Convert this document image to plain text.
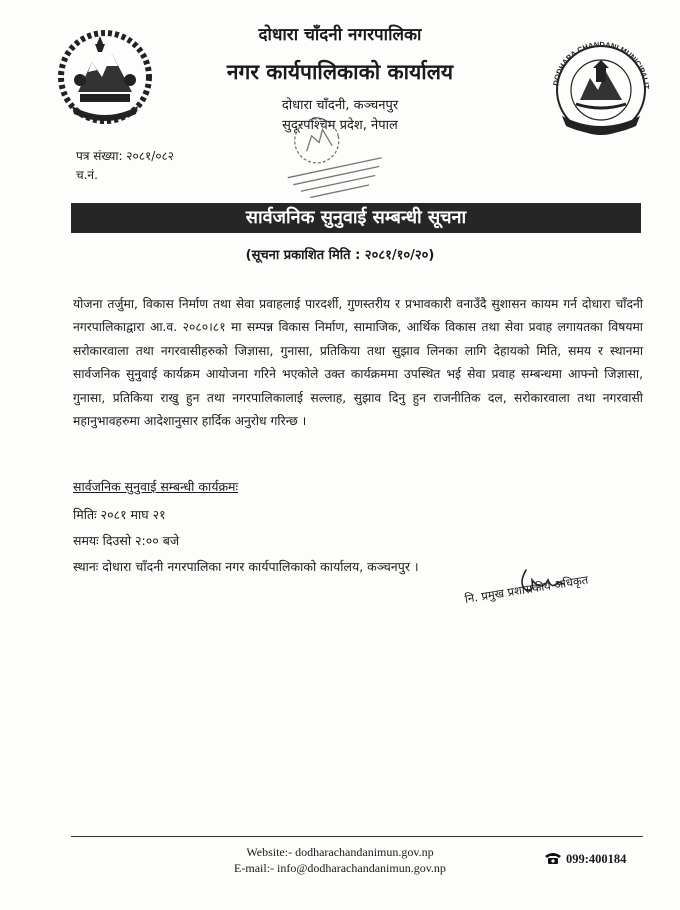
DODHARA CHANDANI MUNICIPALIT
दोधारा चाँदनी नगरपालिका
नगर कार्यपालिकाको कार्यालय
दोधारा चाँदनी, कञ्चनपुर
सुदूरपश्चिम प्रदेश, नेपाल
पत्र संख्या: २०८१/०८२
च.नं.
सार्वजनिक सुनुवाई सम्बन्धी सूचना
(सूचना प्रकाशित मिति : २०८१/१०/२०)
योजना तर्जुमा, विकास निर्माण तथा सेवा प्रवाहलाई पारदर्शी, गुणस्तरीय र प्रभावकारी वनाउँदै सुशासन कायम गर्न दोधारा चाँदनी नगरपालिकाद्वारा आ.व. २०८०।८१ मा सम्पन्न विकास निर्माण, सामाजिक, आर्थिक विकास तथा सेवा प्रवाह लगायतका विषयमा सरोकारवाला तथा नगरवासीहरुको जिज्ञासा, गुनासा, प्रतिकिया तथा सुझाव लिनका लागि देहायको मिति, समय र स्थानमा सार्वजनिक सुनुवाई कार्यक्रम आयोजना गरिने भएकोले उक्त कार्यक्रममा उपस्थित भई सेवा प्रवाह सम्बन्धमा आफ्नो जिज्ञासा, गुनासा, प्रतिकिया राखु हुन तथा नगरपालिकालाई सल्लाह, सुझाव दिनु हुन राजनीतिक दल, सरोकारवाला तथा नगरवासी महानुभावहरुमा आदेशानुसार हार्दिक अनुरोध गरिन्छ ।
सार्वजनिक सुनुवाई सम्बन्धी कार्यक्रमः
मितिः २०८१ माघ २१
समयः दिउसो २:०० बजे
स्थानः दोधारा चाँदनी नगरपालिका नगर कार्यपालिकाको कार्यालय, कञ्चनपुर ।
नि. प्रमुख प्रशासकीय अधिकृत
Website:- dodharachandanimun.gov.np
E-mail:- info@dodharachandanimun.gov.np
099:400184
